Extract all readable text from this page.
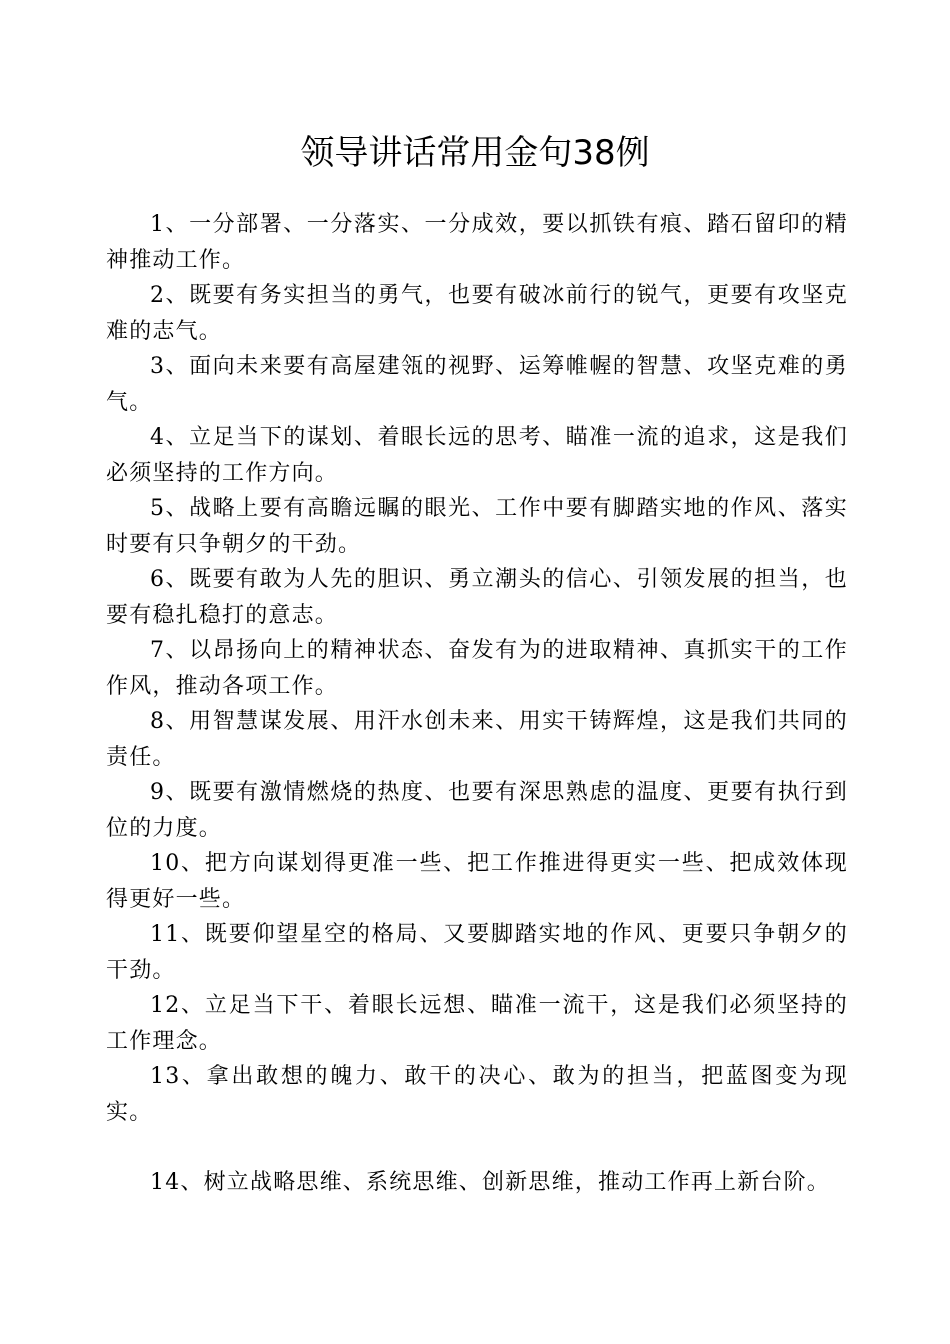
领导讲话常用金句38例

1、一分部署、一分落实、一分成效，要以抓铁有痕、踏石留印的精神推动工作。

2、既要有务实担当的勇气，也要有破冰前行的锐气，更要有攻坚克难的志气。

3、面向未来要有高屋建瓴的视野、运筹帷幄的智慧、攻坚克难的勇气。

4、立足当下的谋划、着眼长远的思考、瞄准一流的追求，这是我们必须坚持的工作方向。

5、战略上要有高瞻远瞩的眼光、工作中要有脚踏实地的作风、落实时要有只争朝夕的干劲。

6、既要有敢为人先的胆识、勇立潮头的信心、引领发展的担当，也要有稳扎稳打的意志。

7、以昂扬向上的精神状态、奋发有为的进取精神、真抓实干的工作作风，推动各项工作。

8、用智慧谋发展、用汗水创未来、用实干铸辉煌，这是我们共同的责任。

9、既要有激情燃烧的热度、也要有深思熟虑的温度、更要有执行到位的力度。

10、把方向谋划得更准一些、把工作推进得更实一些、把成效体现得更好一些。

11、既要仰望星空的格局、又要脚踏实地的作风、更要只争朝夕的干劲。

12、立足当下干、着眼长远想、瞄准一流干，这是我们必须坚持的工作理念。

13、拿出敢想的魄力、敢干的决心、敢为的担当，把蓝图变为现实。

14、树立战略思维、系统思维、创新思维，推动工作再上新台阶。
